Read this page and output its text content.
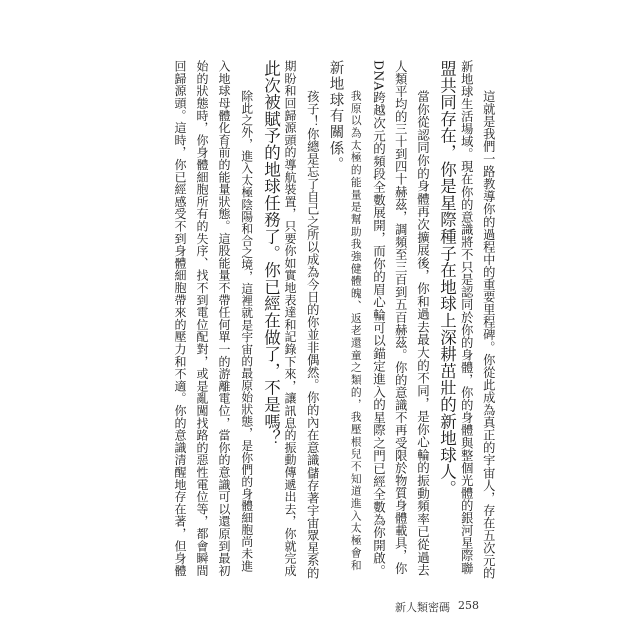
這就是我們一路教導你的過程中的重要里程碑。你從此成為真正的宇宙人，存在五次元的
新地球生活場域。現在你的意識將不只是認同於你的身體，你的身體與整個光體的銀河星際聯
盟共同存在，你是星際種子在地球上深耕茁壯的新地球人。
當你從認同你的身體再次擴展後，你和過去最大的不同，是你心輪的振動頻率已從過去
人類平均的三十到四十赫茲，調頻至三百到五百赫茲。你的意識不再受限於物質身體載具，你
DNA跨越次元的頻段全數展開，而你的眉心輪可以錨定進入的星際之門已經全數為你開啟。
我原以為太極的能量是幫助我強健體魄、返老還童之類的，我壓根兒不知道進入太極會和
新地球有關係。
孩子！你總是忘了自己之所以成為今日的你並非偶然。你的內在意識儲存著宇宙眾星系的
期盼和回歸源頭的導航裝置，只要你如實地表達和記錄下來，讓訊息的振動傳遞出去，你就完成
此次被賦予的地球任務了。你已經在做了，不是嗎？
除此之外，進入太極陰陽和合之境，這裡就是宇宙的最原始狀態，是你們的身體細胞尚未進
入地球母體化育前的能量狀態。這股能量不帶任何單一的游離電位，當你的意識可以還原到最初
始的狀態時，你身體細胞所有的失序、找不到電位配對，或是亂闖找路的惡性電位等，都會瞬間
回歸源頭。這時，你已經感受不到身體細胞帶來的壓力和不適。你的意識清醒地存在著，但身體
新人類密碼 258
